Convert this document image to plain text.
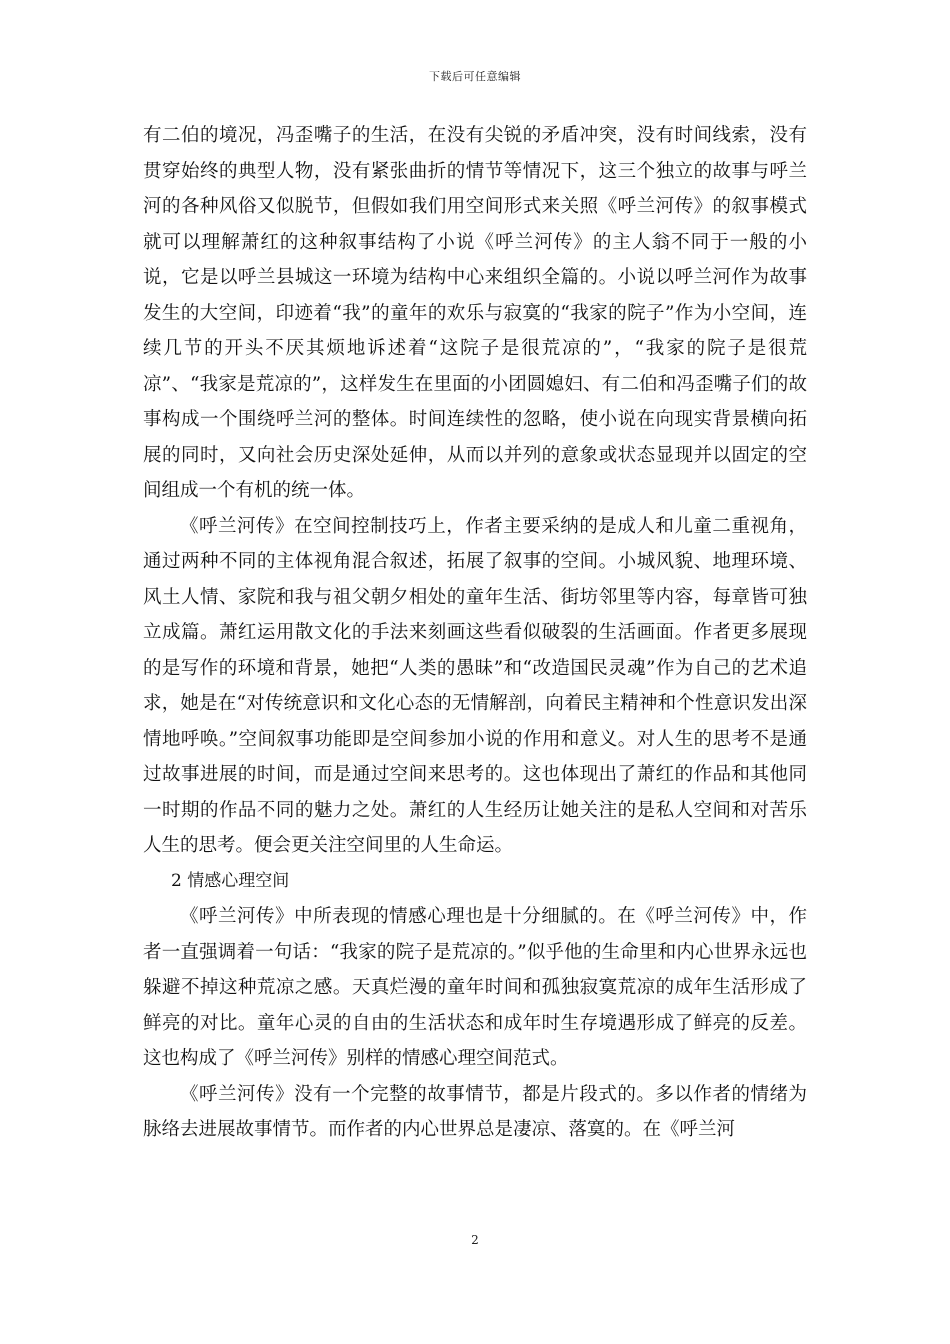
下载后可任意编辑

有二伯的境况，冯歪嘴子的生活，在没有尖锐的矛盾冲突，没有时间线索，没有贯穿始终的典型人物，没有紧张曲折的情节等情况下，这三个独立的故事与呼兰河的各种风俗又似脱节，但假如我们用空间形式来关照《呼兰河传》的叙事模式就可以理解萧红的这种叙事结构了小说《呼兰河传》的主人翁不同于一般的小说，它是以呼兰县城这一环境为结构中心来组织全篇的。小说以呼兰河作为故事发生的大空间，印迹着“我”的童年的欢乐与寂寞的“我家的院子”作为小空间，连续几节的开头不厌其烦地诉述着“这院子是很荒凉的”，“我家的院子是很荒凉”、“我家是荒凉的”，这样发生在里面的小团圆媳妇、有二伯和冯歪嘴子们的故事构成一个围绕呼兰河的整体。时间连续性的忽略，使小说在向现实背景横向拓展的同时，又向社会历史深处延伸，从而以并列的意象或状态显现并以固定的空间组成一个有机的统一体。

《呼兰河传》在空间控制技巧上，作者主要采纳的是成人和儿童二重视角，通过两种不同的主体视角混合叙述，拓展了叙事的空间。小城风貌、地理环境、风土人情、家院和我与祖父朝夕相处的童年生活、街坊邻里等内容，每章皆可独立成篇。萧红运用散文化的手法来刻画这些看似破裂的生活画面。作者更多展现的是写作的环境和背景，她把“人类的愚昧”和“改造国民灵魂”作为自己的艺术追求，她是在“对传统意识和文化心态的无情解剖，向着民主精神和个性意识发出深情地呼唤。”空间叙事功能即是空间参加小说的作用和意义。对人生的思考不是通过故事进展的时间，而是通过空间来思考的。这也体现出了萧红的作品和其他同一时期的作品不同的魅力之处。萧红的人生经历让她关注的是私人空间和对苦乐人生的思考。便会更关注空间里的人生命运。

2 情感心理空间

《呼兰河传》中所表现的情感心理也是十分细腻的。在《呼兰河传》中，作者一直强调着一句话：“我家的院子是荒凉的。”似乎他的生命里和内心世界永远也躲避不掉这种荒凉之感。天真烂漫的童年时间和孤独寂寞荒凉的成年生活形成了鲜亮的对比。童年心灵的自由的生活状态和成年时生存境遇形成了鲜亮的反差。这也构成了《呼兰河传》别样的情感心理空间范式。

《呼兰河传》没有一个完整的故事情节，都是片段式的。多以作者的情绪为脉络去进展故事情节。而作者的内心世界总是凄凉、落寞的。在《呼兰河

2
